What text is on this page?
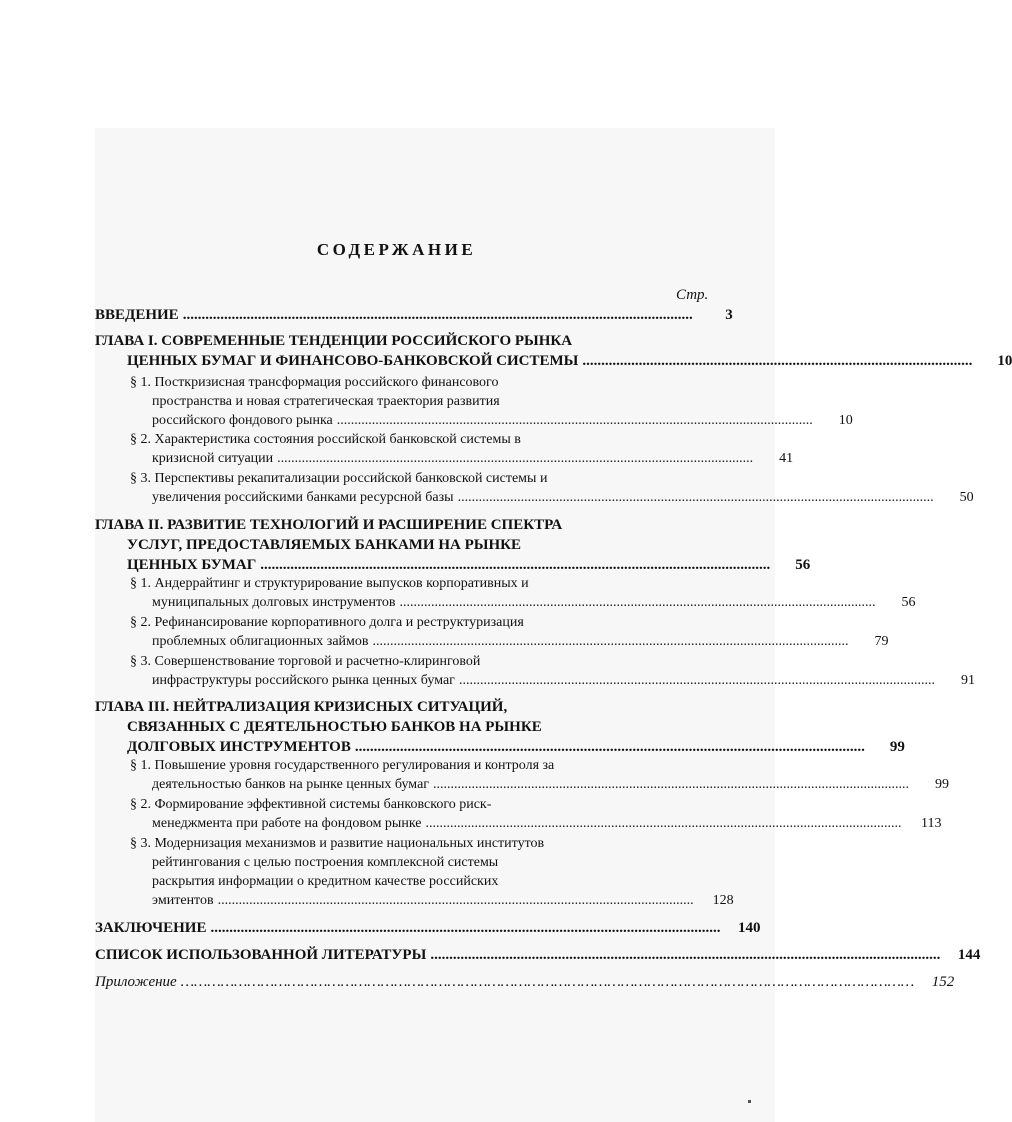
СОДЕРЖАНИЕ
Стр.
ВВЕДЕНИЕ ........................................................................................................................................	3
ГЛАВА I. СОВРЕМЕННЫЕ ТЕНДЕНЦИИ РОССИЙСКОГО РЫНКА
ЦЕННЫХ БУМАГ И ФИНАНСОВО-БАНКОВСКОЙ СИСТЕМЫ ........................................................................................................	10
§ 1. Посткризисная трансформация российского финансового
пространства и новая стратегическая траектория развития
российского фондового рынка ........................................................................................................................................	10
§ 2. Характеристика состояния российской банковской системы в
кризисной ситуации ........................................................................................................................................	41
§ 3. Перспективы рекапитализации российской банковской системы и
увеличения российскими банками ресурсной базы ........................................................................................................................................	50
ГЛАВА II. РАЗВИТИЕ ТЕХНОЛОГИЙ И РАСШИРЕНИЕ СПЕКТРА
УСЛУГ, ПРЕДОСТАВЛЯЕМЫХ БАНКАМИ НА РЫНКЕ
ЦЕННЫХ БУМАГ ........................................................................................................................................	56
§ 1. Андеррайтинг и структурирование выпусков корпоративных и
муниципальных долговых инструментов ........................................................................................................................................	56
§ 2. Рефинансирование корпоративного долга и реструктуризация
проблемных облигационных займов ........................................................................................................................................	79
§ 3. Совершенствование торговой и расчетно-клиринговой
инфраструктуры российского рынка ценных бумаг ........................................................................................................................................	91
ГЛАВА III. НЕЙТРАЛИЗАЦИЯ КРИЗИСНЫХ СИТУАЦИЙ,
СВЯЗАННЫХ С ДЕЯТЕЛЬНОСТЬЮ БАНКОВ НА РЫНКЕ
ДОЛГОВЫХ ИНСТРУМЕНТОВ ........................................................................................................................................	99
§ 1. Повышение уровня государственного регулирования и контроля за
деятельностью банков на рынке ценных бумаг ........................................................................................................................................	99
§ 2. Формирование эффективной системы банковского риск-
менеджмента при работе на фондовом рынке ........................................................................................................................................	113
§ 3. Модернизация механизмов и развитие национальных институтов
рейтингования с целью построения комплексной системы
раскрытия информации о кредитном качестве российских
эмитентов ........................................................................................................................................	128
ЗАКЛЮЧЕНИЕ ........................................................................................................................................	140
СПИСОК ИСПОЛЬЗОВАННОЙ ЛИТЕРАТУРЫ ........................................................................................................................................	144
Приложение …………………………………………………………………………………………………………………………………………………	152
